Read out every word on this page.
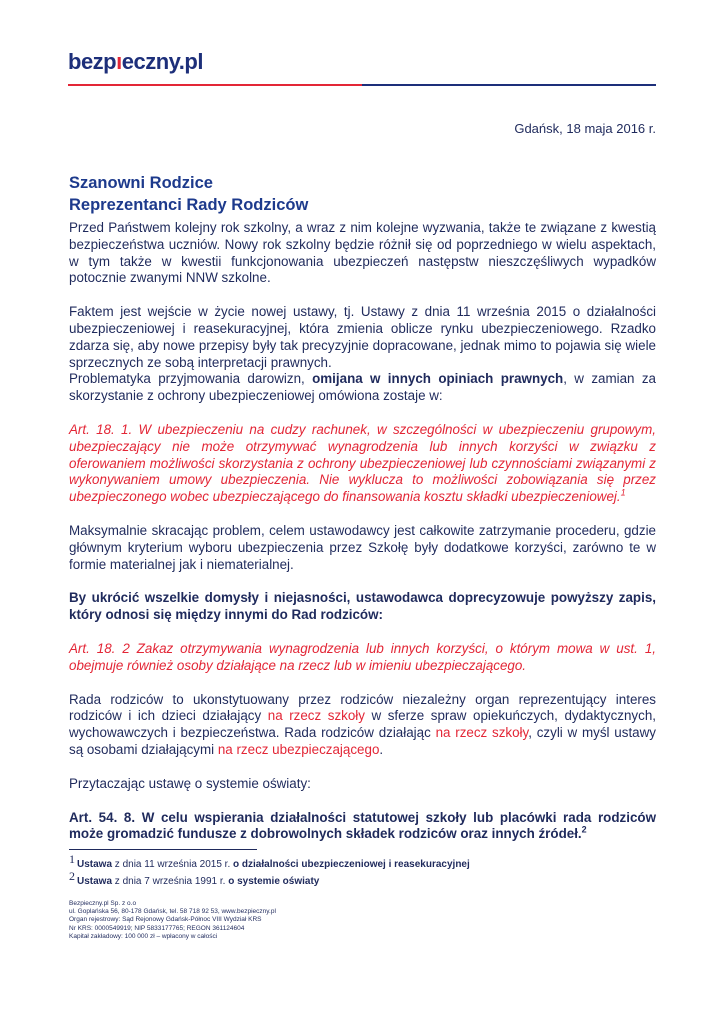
bezpıeczny.pl
Gdańsk, 18 maja 2016 r.
Szanowni Rodzice
Reprezentanci Rady Rodziców

Przed Państwem kolejny rok szkolny, a wraz z nim kolejne wyzwania, także te związane z kwestią bezpieczeństwa uczniów. Nowy rok szkolny będzie różnił się od poprzedniego w wielu aspektach, w tym także w kwestii funkcjonowania ubezpieczeń następstw nieszczęśliwych wypadków potocznie zwanymi NNW szkolne.

Faktem jest wejście w życie nowej ustawy, tj. Ustawy z dnia 11 września 2015 o działalności ubezpieczeniowej i reasekuracyjnej, która zmienia oblicze rynku ubezpieczeniowego. Rzadko zdarza się, aby nowe przepisy były tak precyzyjnie dopracowane, jednak mimo to pojawia się wiele sprzecznych ze sobą interpretacji prawnych.

Problematyka przyjmowania darowizn, omijana w innych opiniach prawnych, w zamian za skorzystanie z ochrony ubezpieczeniowej omówiona zostaje w:

Art. 18. 1. W ubezpieczeniu na cudzy rachunek, w szczególności w ubezpieczeniu grupowym, ubezpieczający nie może otrzymywać wynagrodzenia lub innych korzyści w związku z oferowaniem możliwości skorzystania z ochrony ubezpieczeniowej lub czynnościami związanymi z wykonywaniem umowy ubezpieczenia. Nie wyklucza to możliwości zobowiązania się przez ubezpieczonego wobec ubezpieczającego do finansowania kosztu składki ubezpieczeniowej.$^1$

Maksymalnie skracając problem, celem ustawodawcy jest całkowite zatrzymanie procederu, gdzie głównym kryterium wyboru ubezpieczenia przez Szkołę były dodatkowe korzyści, zarówno te w formie materialnej jak i niematerialnej.

By ukrócić wszelkie domysły i niejasności, ustawodawca doprecyzowuje powyższy zapis, który odnosi się między innymi do Rad rodziców:

Art. 18. 2 Zakaz otrzymywania wynagrodzenia lub innych korzyści, o którym mowa w ust. 1, obejmuje również osoby działające na rzecz lub w imieniu ubezpieczającego.

Rada rodziców to ukonstytuowany przez rodziców niezależny organ reprezentujący interes rodziców i ich dzieci działający na rzecz szkoły w sferze spraw opiekuńczych, dydaktycznych, wychowawczych i bezpieczeństwa. Rada rodziców działając na rzecz szkoły, czyli w myśl ustawy są osobami działającymi na rzecz ubezpieczającego.

Przytaczając ustawę o systemie oświaty:

Art. 54. 8. W celu wspierania działalności statutowej szkoły lub placówki rada rodziców może gromadzić fundusze z dobrowolnych składek rodziców oraz innych źródeł.$^2$

1 Ustawa z dnia 11 września 2015 r. o działalności ubezpieczeniowej i reasekuracyjnej
2 Ustawa z dnia 7 września 1991 r. o systemie oświaty
Bezpieczny.pl Sp. z o.o
ul. Goplańska 56, 80-178 Gdańsk, tel. 58 718 92 53, www.bezpieczny.pl
Organ rejestrowy: Sąd Rejonowy Gdańsk-Północ VIII Wydział KRS
Nr KRS: 0000549919; NIP 5833177765; REGON 361124604
Kapitał zakładowy: 100 000 zł – wpłacony w całości
